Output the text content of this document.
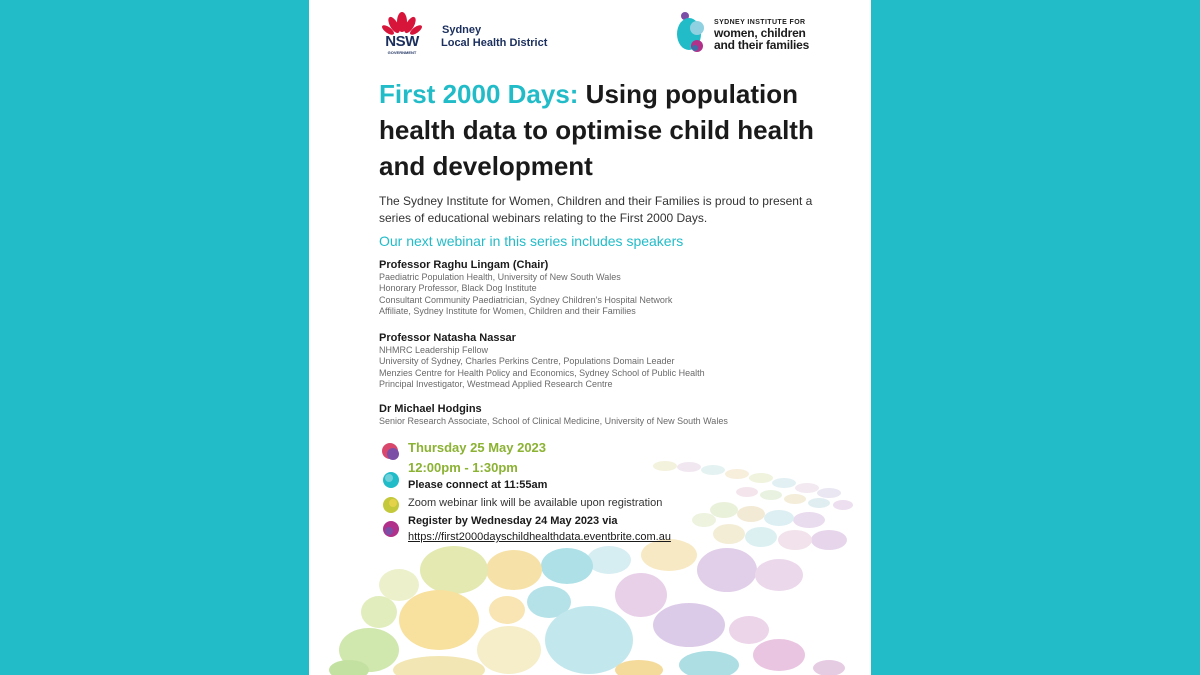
NSW
GOVERNMENT
Sydney
Local Health District
SYDNEY INSTITUTE FOR
women, children
and their families
First 2000 Days: Using population health data to optimise child health and development
The Sydney Institute for Women, Children and their Families is proud to present a series of educational webinars relating to the First 2000 Days.
Our next webinar in this series includes speakers
Professor Raghu Lingam (Chair)
Paediatric Population Health, University of New South Wales
Honorary Professor, Black Dog Institute
Consultant Community Paediatrician, Sydney Children's Hospital Network
Affiliate, Sydney Institute for Women, Children and their Families
Professor Natasha Nassar
NHMRC Leadership Fellow
University of Sydney, Charles Perkins Centre, Populations Domain Leader
Menzies Centre for Health Policy and Economics, Sydney School of Public Health
Principal Investigator, Westmead Applied Research Centre
Dr Michael Hodgins
Senior Research Associate, School of Clinical Medicine, University of New South Wales
Thursday 25 May 2023
12:00pm - 1:30pm
Please connect at 11:55am
Zoom webinar link will be available upon registration
Register by Wednesday 24 May 2023 via
https://first2000dayschildhealthdata.eventbrite.com.au
